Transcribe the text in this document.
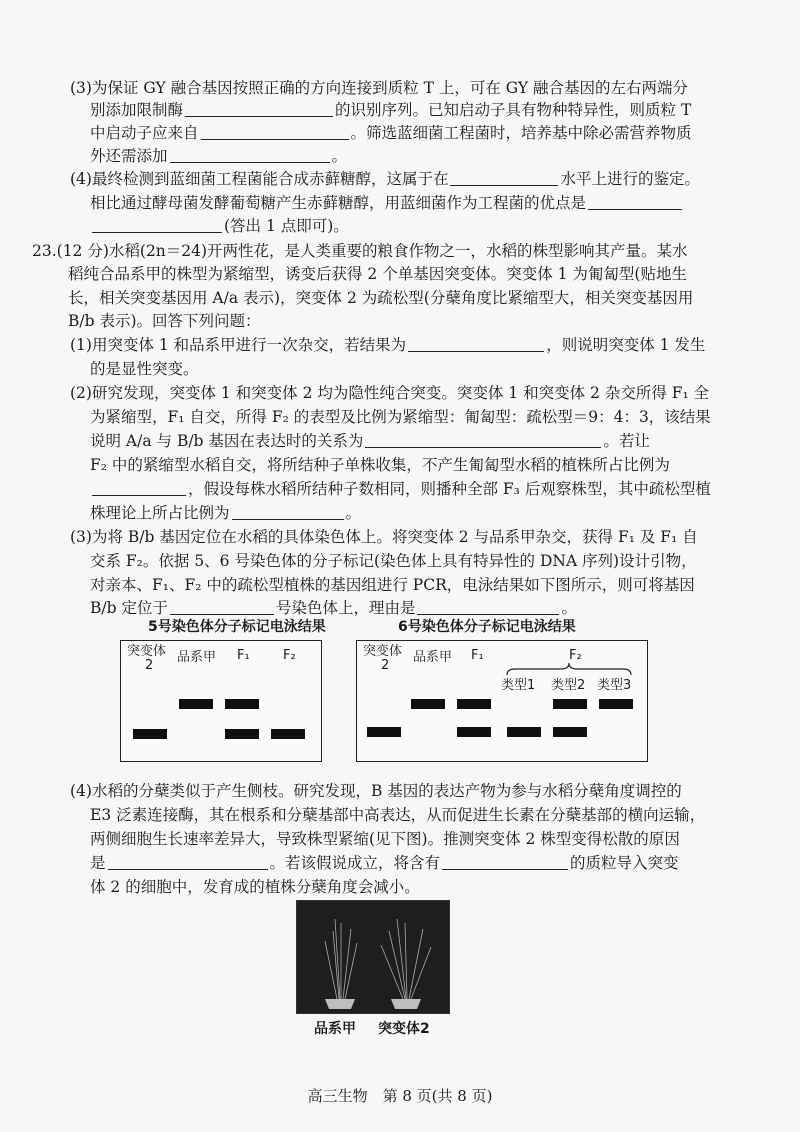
(3)为保证 GY 融合基因按照正确的方向连接到质粒 T 上，可在 GY 融合基因的左右两端分
别添加限制酶	的识别序列。已知启动子具有物种特异性，则质粒 T
中启动子应来自	。筛选蓝细菌工程菌时，培养基中除必需营养物质
外还需添加	。
(4)最终检测到蓝细菌工程菌能合成赤藓糖醇，这属于在	水平上进行的鉴定。
相比通过酵母菌发酵葡萄糖产生赤藓糖醇，用蓝细菌作为工程菌的优点是
(答出 1 点即可)。
23.(12 分)水稻(2n＝24)开两性花，是人类重要的粮食作物之一，水稻的株型影响其产量。某水
稻纯合品系甲的株型为紧缩型，诱变后获得 2 个单基因突变体。突变体 1 为匍匐型(贴地生
长，相关突变基因用 A/a 表示)，突变体 2 为疏松型(分蘖角度比紧缩型大，相关突变基因用
B/b 表示)。回答下列问题：
(1)用突变体 1 和品系甲进行一次杂交，若结果为	，则说明突变体 1 发生
的是显性突变。
(2)研究发现，突变体 1 和突变体 2 均为隐性纯合突变。突变体 1 和突变体 2 杂交所得 F₁ 全
为紧缩型，F₁ 自交，所得 F₂ 的表型及比例为紧缩型：匍匐型：疏松型＝9：4：3，该结果
说明 A/a 与 B/b 基因在表达时的关系为	。若让
F₂ 中的紧缩型水稻自交，将所结种子单株收集，不产生匍匐型水稻的植株所占比例为
，假设每株水稻所结种子数相同，则播种全部 F₃ 后观察株型，其中疏松型植
株理论上所占比例为	。
(3)为将 B/b 基因定位在水稻的具体染色体上。将突变体 2 与品系甲杂交，获得 F₁ 及 F₁ 自
交系 F₂。依据 5、6 号染色体的分子标记(染色体上具有特异性的 DNA 序列)设计引物，
对亲本、F₁、F₂ 中的疏松型植株的基因组进行 PCR，电泳结果如下图所示，则可将基因
B/b 定位于	号染色体上，理由是	。
5号染色体分子标记电泳结果
突变体
2
品系甲 F₁	F₂
6号染色体分子标记电泳结果
突变体
2
品系甲 F₁	F₂
类型1 类型2 类型3
(4)水稻的分蘖类似于产生侧枝。研究发现，B 基因的表达产物为参与水稻分蘖角度调控的
E3 泛素连接酶，其在根系和分蘖基部中高表达，从而促进生长素在分蘖基部的横向运输，
两侧细胞生长速率差异大，导致株型紧缩(见下图)。推测突变体 2 株型变得松散的原因
是	。若该假说成立，将含有	的质粒导入突变
体 2 的细胞中，发育成的植株分蘖角度会减小。
品系甲 突变体2
高三生物　第 8 页(共 8 页)
